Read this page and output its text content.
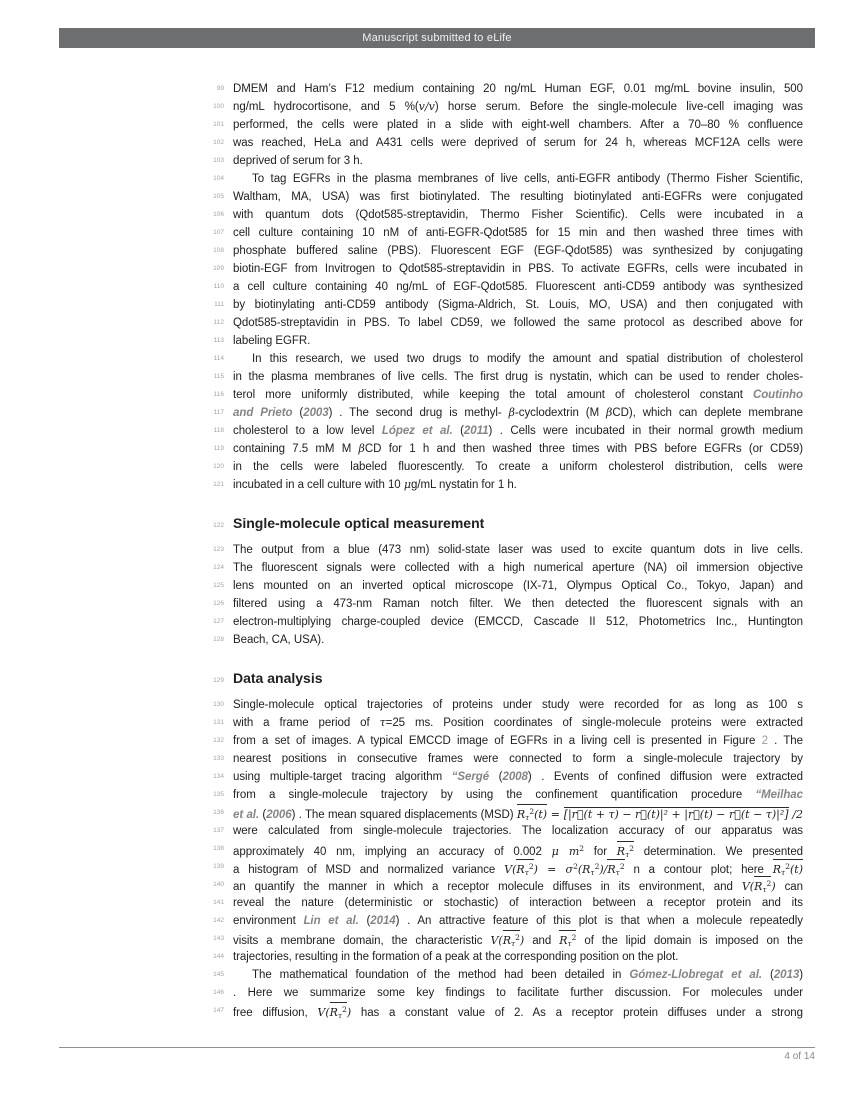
Manuscript submitted to eLife
99 DMEM and Ham’s F12 medium containing 20 ng/mL Human EGF, 0.01 mg/mL bovine insulin, 500
100 ng/mL hydrocortisone, and 5 %(v/v) horse serum. Before the single-molecule live-cell imaging was
101 performed, the cells were plated in a slide with eight-well chambers. After a 70–80 % confluence
102 was reached, HeLa and A431 cells were deprived of serum for 24 h, whereas MCF12A cells were
103 deprived of serum for 3 h.
104	To tag EGFRs in the plasma membranes of live cells, anti-EGFR antibody (Thermo Fisher Scientific,
105 Waltham, MA, USA) was first biotinylated. The resulting biotinylated anti-EGFRs were conjugated
106 with quantum dots (Qdot585-streptavidin, Thermo Fisher Scientific). Cells were incubated in a
107 cell culture containing 10 nM of anti-EGFR-Qdot585 for 15 min and then washed three times with
108 phosphate buffered saline (PBS). Fluorescent EGF (EGF-Qdot585) was synthesized by conjugating
109 biotin-EGF from Invitrogen to Qdot585-streptavidin in PBS. To activate EGFRs, cells were incubated in
110 a cell culture containing 40 ng/mL of EGF-Qdot585. Fluorescent anti-CD59 antibody was synthesized
111 by biotinylating anti-CD59 antibody (Sigma-Aldrich, St. Louis, MO, USA) and then conjugated with
112 Qdot585-streptavidin in PBS. To label CD59, we followed the same protocol as described above for
113 labeling EGFR.
114	In this research, we used two drugs to modify the amount and spatial distribution of cholesterol
115 in the plasma membranes of live cells. The first drug is nystatin, which can be used to render choles-
116 terol more uniformly distributed, while keeping the total amount of cholesterol constant Coutinho
117 and Prieto (2003) . The second drug is methyl- β-cyclodextrin (M βCD), which can deplete membrane
118 cholesterol to a low level López et al. (2011) . Cells were incubated in their normal growth medium
119 containing 7.5 mM M βCD for 1 h and then washed three times with PBS before EGFRs (or CD59)
120 in the cells were labeled fluorescently. To create a uniform cholesterol distribution, cells were
121 incubated in a cell culture with 10 μg/mL nystatin for 1 h.
122 Single-molecule optical measurement
123 The output from a blue (473 nm) solid-state laser was used to excite quantum dots in live cells.
124 The fluorescent signals were collected with a high numerical aperture (NA) oil immersion objective
125 lens mounted on an inverted optical microscope (IX-71, Olympus Optical Co., Tokyo, Japan) and
126 filtered using a 473-nm Raman notch filter. We then detected the fluorescent signals with an
127 electron-multiplying charge-coupled device (EMCCD, Cascade II 512, Photometrics Inc., Huntington
128 Beach, CA, USA).
129 Data analysis
130 Single-molecule optical trajectories of proteins under study were recorded for as long as 100 s
131 with a frame period of τ=25 ms. Position coordinates of single-molecule proteins were extracted
132 from a set of images. A typical EMCCD image of EGFRs in a living cell is presented in Figure 2 . The
133 nearest positions in consecutive frames were connected to form a single-molecule trajectory by
134 using multiple-target tracing algorithm “Sergé (2008) . Events of confined diffusion were extracted
135 from a single-molecule trajectory by using the confinement quantification procedure “Meilhac
136 et al. (2006) . The mean squared displacements (MSD) $R\tau^2(t)$ = [|r⃗(t + τ) − r⃗(t)|² + |r⃗(t) − r⃗(t − τ)|²] /2
137 were calculated from single-molecule trajectories. The localization accuracy of our apparatus was
138 approximately 40 nm, implying an accuracy of 0.002 μ $m^2$ for $R\tau^2$ determination. We presented
139 a histogram of MSD and normalized variance $V(R\tau^2) = \sigma^2(R\tau^2)/R\tau^2$ n a contour plot; here $R\tau^2(t)$
140 an quantify the manner in which a receptor molecule diffuses in its environment, and $V(R\tau^2)$ can
141 reveal the nature (deterministic or stochastic) of interaction between a receptor protein and its
142 environment Lin et al. (2014) . An attractive feature of this plot is that when a molecule repeatedly
143 visits a membrane domain, the characteristic $V(R\tau^2)$ and $R\tau^2$ of the lipid domain is imposed on the
144 trajectories, resulting in the formation of a peak at the corresponding position on the plot.
145	The mathematical foundation of the method had been detailed in Gómez-Llobregat et al. (2013)
146 . Here we summarize some key findings to facilitate further discussion. For molecules under
147 free diffusion, $V(R\tau^2)$ has a constant value of 2. As a receptor protein diffuses under a strong
4 of 14
